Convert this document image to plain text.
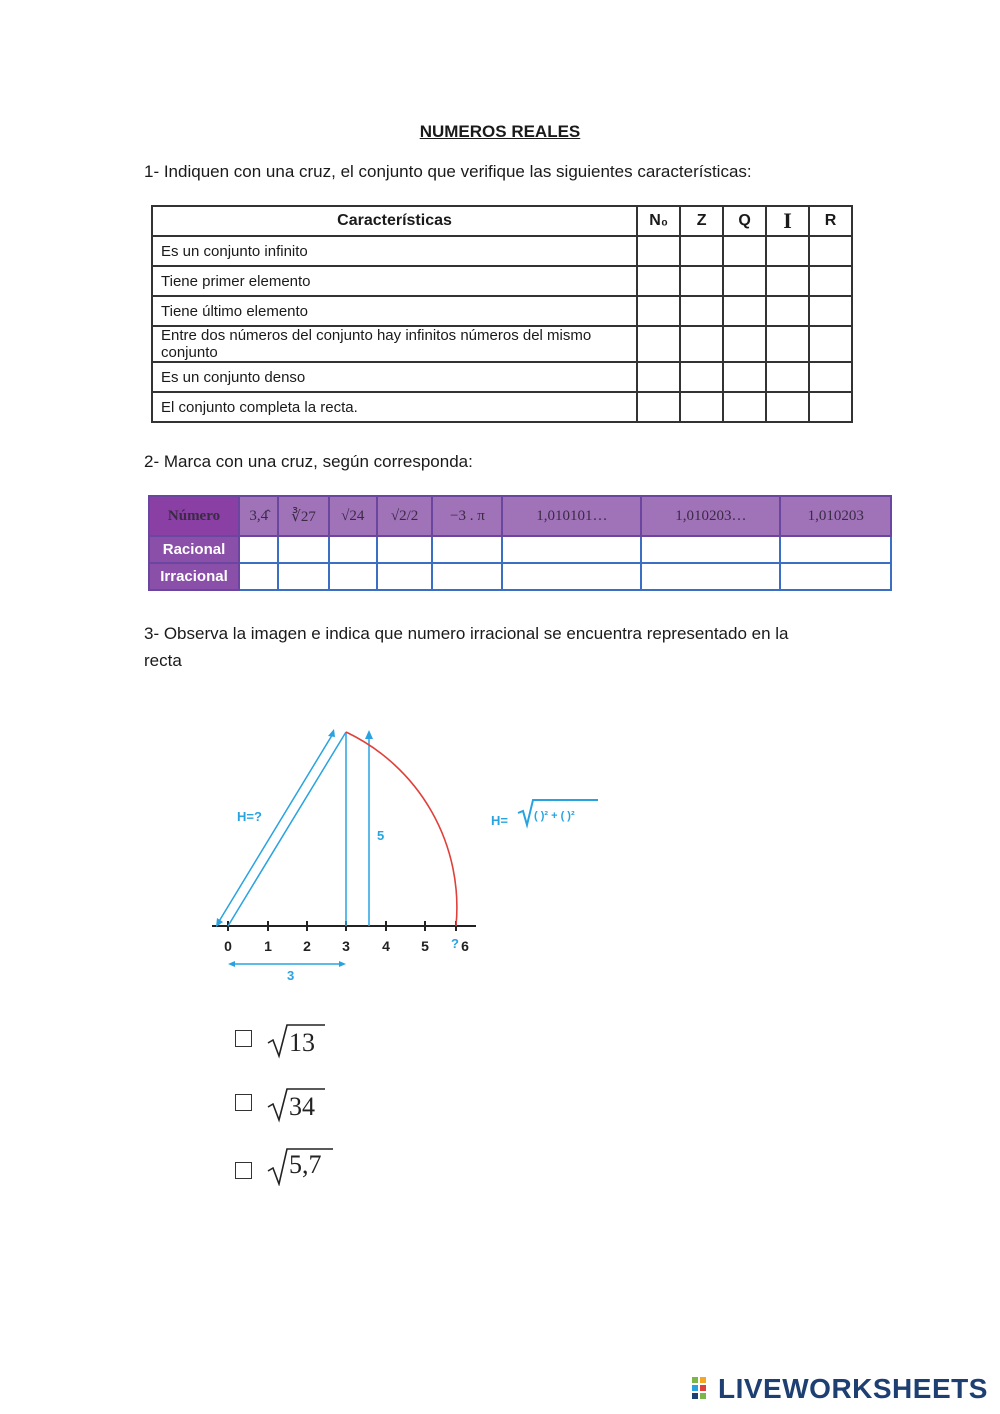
NUMEROS REALES
1- Indiquen con una cruz, el conjunto que verifique las siguientes características:
Características	N₀	Z	Q	I	R
Es un conjunto infinito					
Tiene primer elemento					
Tiene último elemento					
Entre dos números del conjunto hay infinitos números del mismo conjunto					
Es un conjunto denso					
El conjunto completa la recta.					
2- Marca con una cruz, según corresponda:
Número	3,4̂	∛27	√24	√2/2	−3 . π	1,010101…	1,010203…	1,010203
Racional								
Irracional								
3- Observa la imagen e indica que numero irracional se encuentra representado en la
recta
0 1 2 3 4 5 6
?
H=?
5
3
H= ( )² + ( )²
13
34
5,7
LIVEWORKSHEETS
